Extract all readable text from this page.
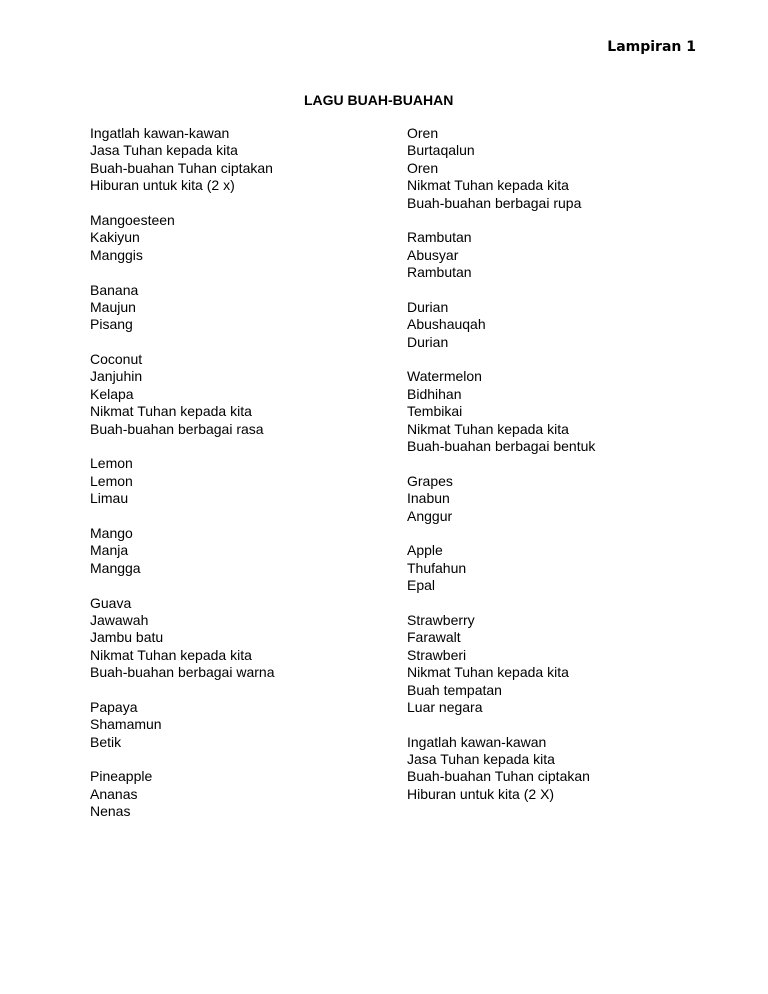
Lampiran 1
LAGU BUAH-BUAHAN
Ingatlah kawan-kawan
Jasa Tuhan kepada kita
Buah-buahan Tuhan ciptakan
Hiburan untuk kita (2 x)
Mangoesteen
Kakiyun
Manggis
Banana
Maujun
Pisang
Coconut
Janjuhin
Kelapa
Nikmat Tuhan kepada kita
Buah-buahan berbagai rasa
Lemon
Lemon
Limau
Mango
Manja
Mangga
Guava
Jawawah
Jambu batu
Nikmat Tuhan kepada kita
Buah-buahan berbagai warna
Papaya
Shamamun
Betik
Pineapple
Ananas
Nenas
Oren
Burtaqalun
Oren
Nikmat Tuhan kepada kita
Buah-buahan berbagai rupa
Rambutan
Abusyar
Rambutan
Durian
Abushauqah
Durian
Watermelon
Bidhihan
Tembikai
Nikmat Tuhan kepada kita
Buah-buahan berbagai bentuk
Grapes
Inabun
Anggur
Apple
Thufahun
Epal
Strawberry
Farawalt
Strawberi
Nikmat Tuhan kepada kita
Buah tempatan
Luar negara
Ingatlah kawan-kawan
Jasa Tuhan kepada kita
Buah-buahan Tuhan ciptakan
Hiburan untuk kita (2 X)
